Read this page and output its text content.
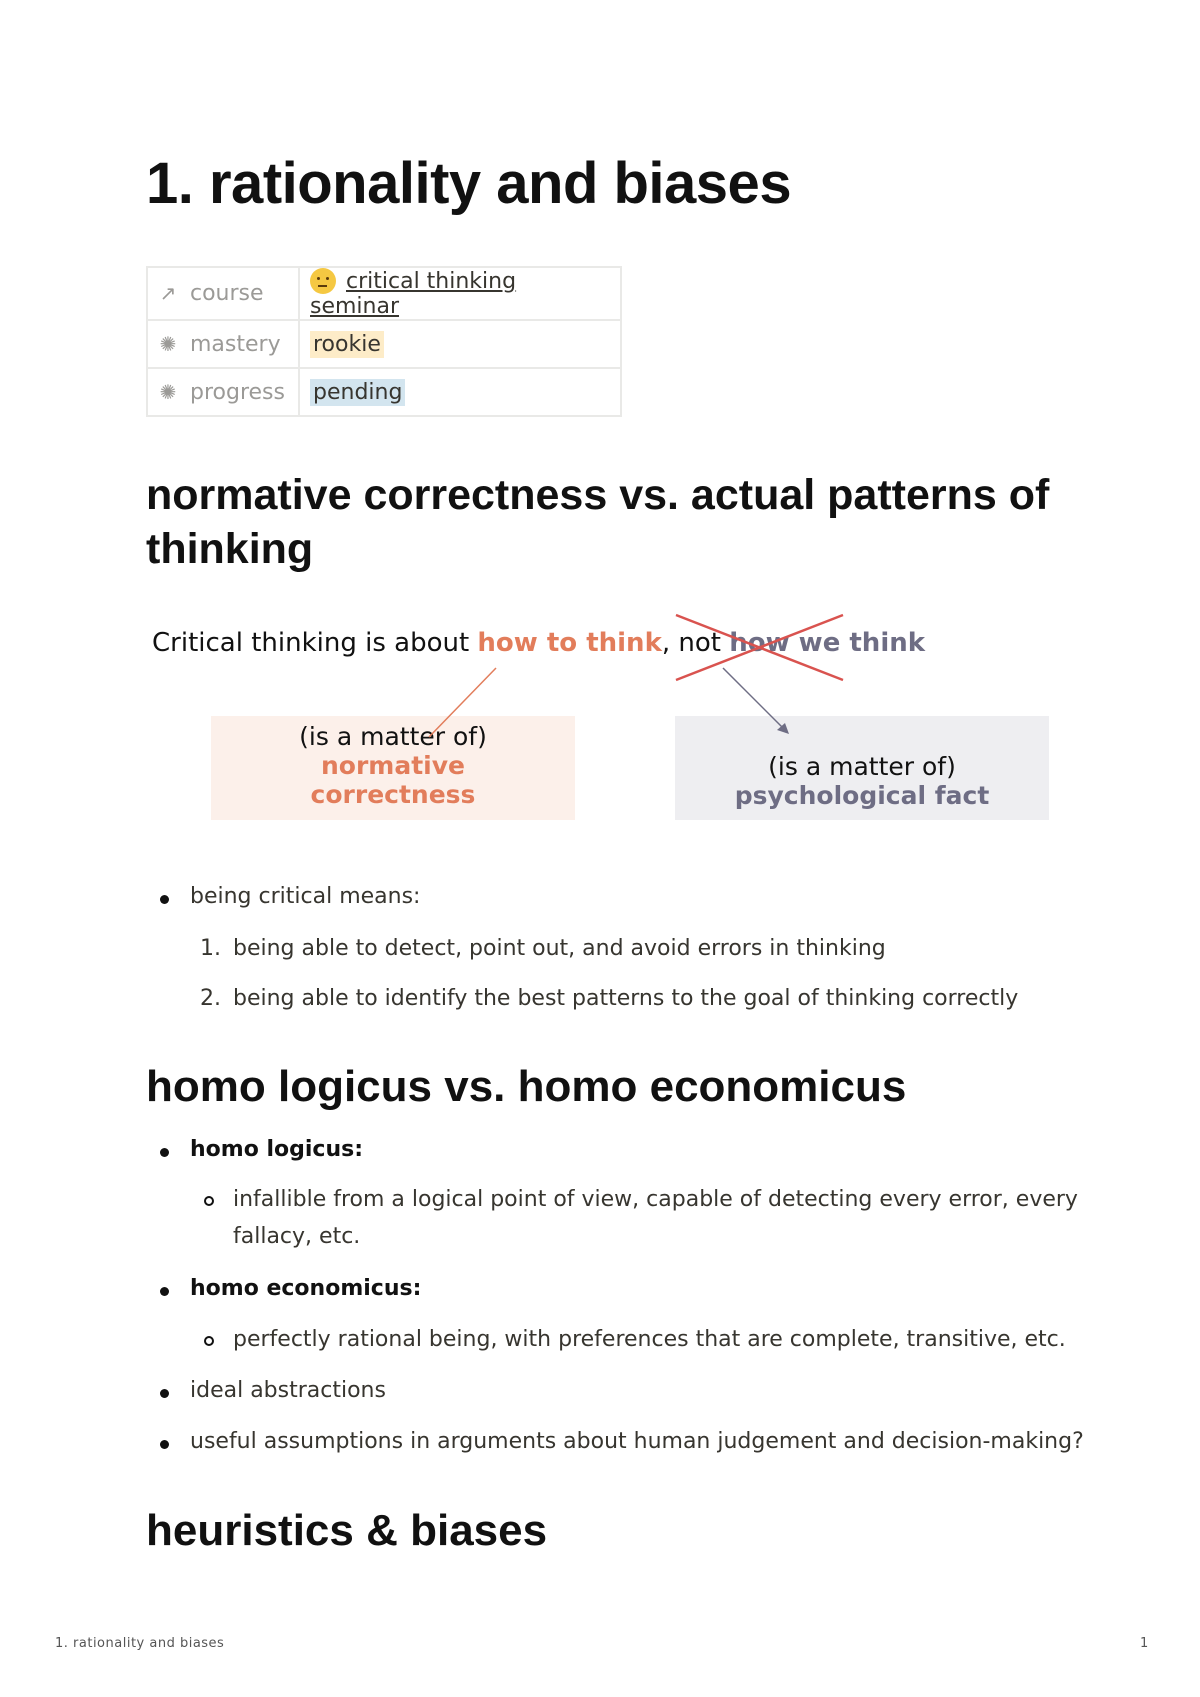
1. rationality and biases
↗ course	critical thinking seminar
✺ mastery	rookie
✺ progress	pending
normative correctness vs. actual patterns of thinking
Critical thinking is about how to think, not how we think
(is a matter of)
normative
correctness
(is a matter of)
psychological fact
being critical means:
1. being able to detect, point out, and avoid errors in thinking
2. being able to identify the best patterns to the goal of thinking correctly
homo logicus vs. homo economicus
homo logicus:
infallible from a logical point of view, capable of detecting every error, every
fallacy, etc.
homo economicus:
perfectly rational being, with preferences that are complete, transitive, etc.
ideal abstractions
useful assumptions in arguments about human judgement and decision-making?
heuristics & biases
1. rationality and biases	1
